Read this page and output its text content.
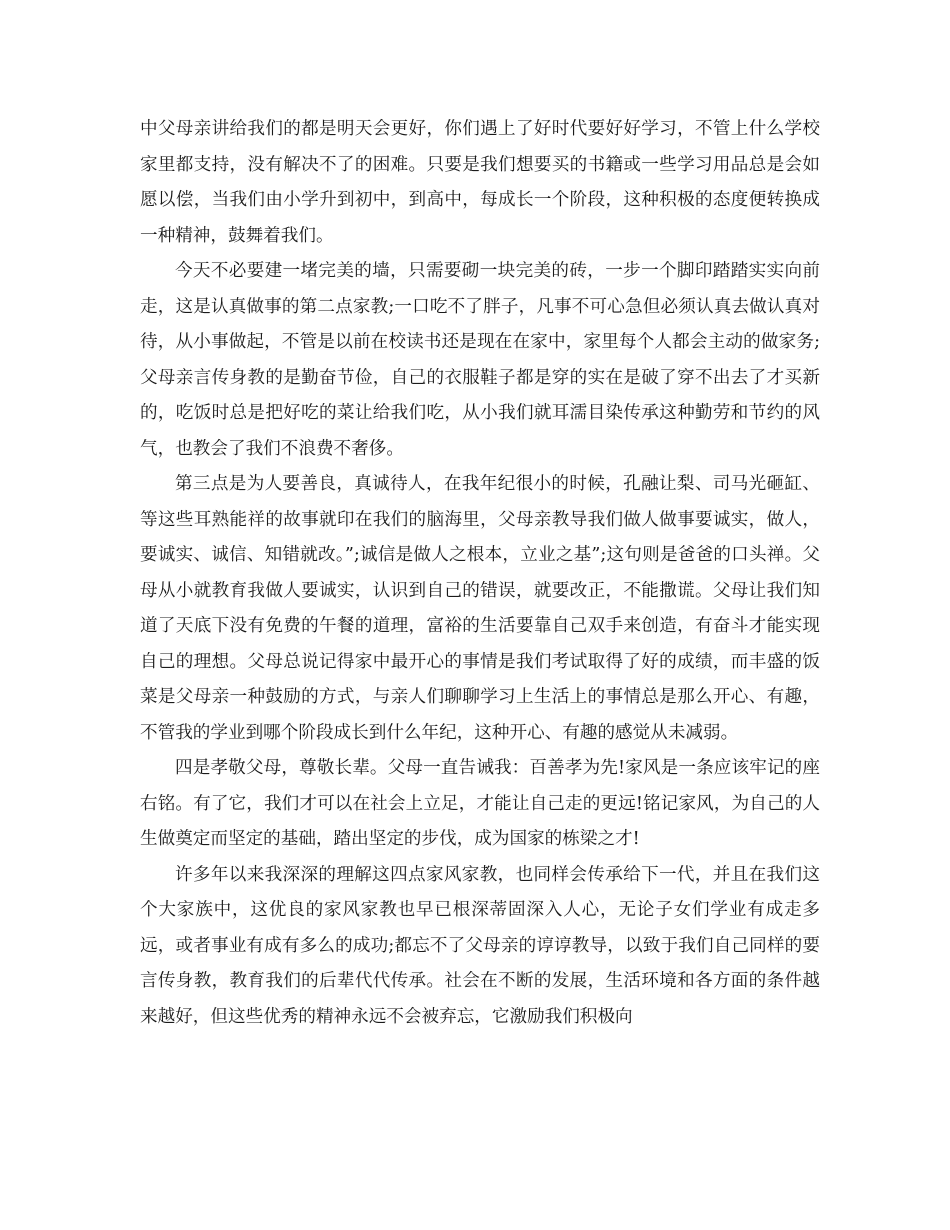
中父母亲讲给我们的都是明天会更好，你们遇上了好时代要好好学习，不管上什么学校家里都支持，没有解决不了的困难。只要是我们想要买的书籍或一些学习用品总是会如愿以偿，当我们由小学升到初中，到高中，每成长一个阶段，这种积极的态度便转换成一种精神，鼓舞着我们。

今天不必要建一堵完美的墙，只需要砌一块完美的砖，一步一个脚印踏踏实实向前走，这是认真做事的第二点家教;一口吃不了胖子，凡事不可心急但必须认真去做认真对待，从小事做起，不管是以前在校读书还是现在在家中，家里每个人都会主动的做家务;父母亲言传身教的是勤奋节俭，自己的衣服鞋子都是穿的实在是破了穿不出去了才买新的，吃饭时总是把好吃的菜让给我们吃，从小我们就耳濡目染传承这种勤劳和节约的风气，也教会了我们不浪费不奢侈。

第三点是为人要善良，真诚待人，在我年纪很小的时候，孔融让梨、司马光砸缸、等这些耳熟能祥的故事就印在我们的脑海里，父母亲教导我们做人做事要诚实，做人，要诚实、诚信、知错就改。”;诚信是做人之根本，立业之基”;这句则是爸爸的口头禅。父母从小就教育我做人要诚实，认识到自己的错误，就要改正，不能撒谎。父母让我们知道了天底下没有免费的午餐的道理，富裕的生活要靠自己双手来创造，有奋斗才能实现自己的理想。父母总说记得家中最开心的事情是我们考试取得了好的成绩，而丰盛的饭菜是父母亲一种鼓励的方式，与亲人们聊聊学习上生活上的事情总是那么开心、有趣，不管我的学业到哪个阶段成长到什么年纪，这种开心、有趣的感觉从未减弱。

四是孝敬父母，尊敬长辈。父母一直告诫我：百善孝为先!家风是一条应该牢记的座右铭。有了它，我们才可以在社会上立足，才能让自己走的更远!铭记家风，为自己的人生做奠定而坚定的基础，踏出坚定的步伐，成为国家的栋梁之才!

许多年以来我深深的理解这四点家风家教，也同样会传承给下一代，并且在我们这个大家族中，这优良的家风家教也早已根深蒂固深入人心，无论子女们学业有成走多远，或者事业有成有多么的成功;都忘不了父母亲的谆谆教导，以致于我们自己同样的要言传身教，教育我们的后辈代代传承。社会在不断的发展，生活环境和各方面的条件越来越好，但这些优秀的精神永远不会被弃忘，它激励我们积极向
